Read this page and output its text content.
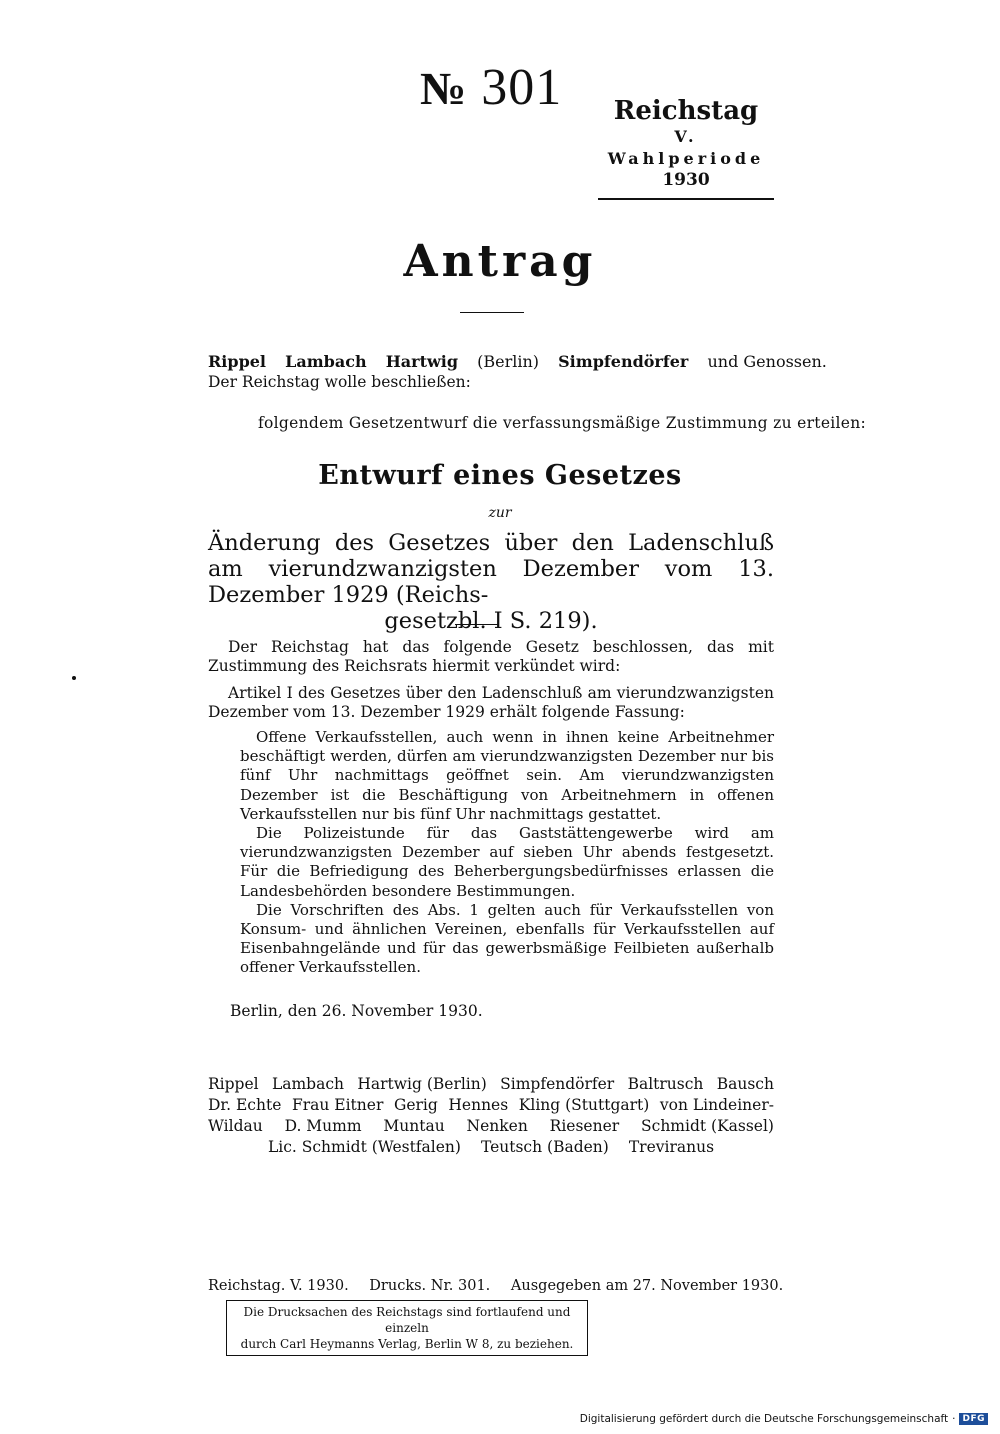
№ 301	Reichstag
V. Wahlperiode
1930
Antrag
Rippel Lambach Hartwig (Berlin) Simpfendörfer und Genossen.
Der Reichstag wolle beschließen:
folgendem Gesetzentwurf die verfassungsmäßige Zustimmung zu erteilen:
Entwurf eines Gesetzes
zur
Änderung des Gesetzes über den Ladenschluß am vierundzwanzigsten Dezember vom 13. Dezember 1929 (Reichs-
gesetzbl. I S. 219).
Der Reichstag hat das folgende Gesetz beschlossen, das mit Zustimmung des Reichsrats hiermit verkündet wird:
Artikel I des Gesetzes über den Ladenschluß am vierundzwanzigsten Dezember vom 13. Dezember 1929 erhält folgende Fassung:

Offene Verkaufsstellen, auch wenn in ihnen keine Arbeitnehmer beschäftigt werden, dürfen am vierundzwanzigsten Dezember nur bis fünf Uhr nachmittags geöffnet sein. Am vierundzwanzigsten Dezember ist die Beschäftigung von Arbeitnehmern in offenen Verkaufsstellen nur bis fünf Uhr nachmittags gestattet.

Die Polizeistunde für das Gaststättengewerbe wird am vierundzwanzigsten Dezember auf sieben Uhr abends festgesetzt. Für die Befriedigung des Beherbergungsbedürfnisses erlassen die Landesbehörden besondere Bestimmungen.

Die Vorschriften des Abs. 1 gelten auch für Verkaufsstellen von Konsum- und ähnlichen Vereinen, ebenfalls für Verkaufsstellen auf Eisenbahngelände und für das gewerbsmäßige Feilbieten außerhalb offener Verkaufsstellen.

Berlin, den 26. November 1930.
Rippel Lambach Hartwig (Berlin) Simpfendörfer Baltrusch Bausch
Dr. Echte Frau Eitner Gerig Hennes Kling (Stuttgart) von Lindeiner-
Wildau D. Mumm Muntau Nenken Riesener Schmidt (Kassel)
Lic. Schmidt (Westfalen) Teutsch (Baden) Treviranus
Reichstag. V. 1930. Drucks. Nr. 301. Ausgegeben am 27. November 1930.
Die Drucksachen des Reichstags sind fortlaufend und einzeln
durch Carl Heymanns Verlag, Berlin W 8, zu beziehen.
Digitalisierung gefördert durch die Deutsche Forschungsgemeinschaft · DFG
